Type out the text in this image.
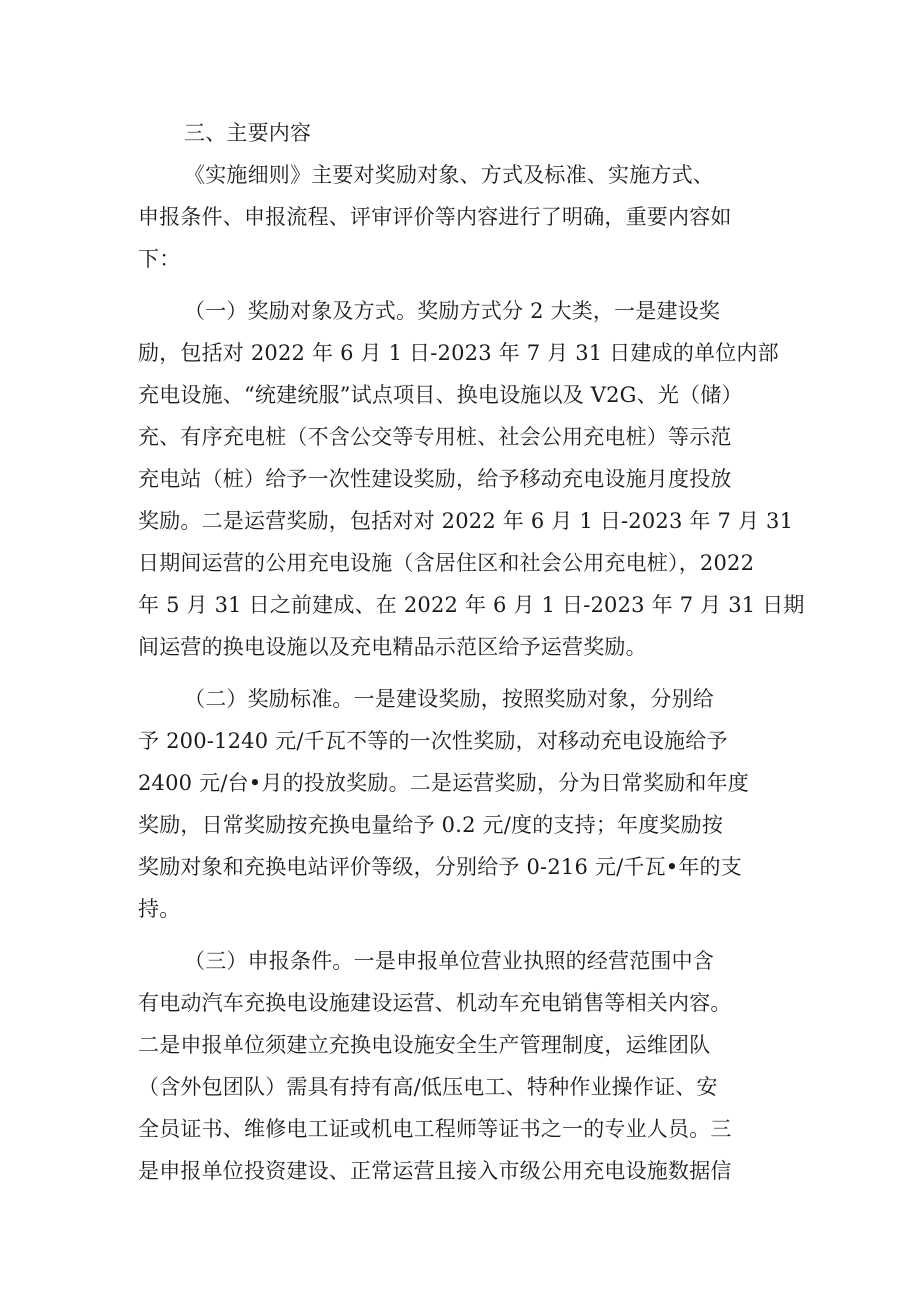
三、主要内容
《实施细则》主要对奖励对象、方式及标准、实施方式、
申报条件、申报流程、评审评价等内容进行了明确，重要内容如
下：
（一）奖励对象及方式。奖励方式分 2 大类，一是建设奖
励，包括对 2022 年 6 月 1 日-2023 年 7 月 31 日建成的单位内部
充电设施、“统建统服”试点项目、换电设施以及 V2G、光（储）
充、有序充电桩（不含公交等专用桩、社会公用充电桩）等示范
充电站（桩）给予一次性建设奖励，给予移动充电设施月度投放
奖励。二是运营奖励，包括对对 2022 年 6 月 1 日-2023 年 7 月 31
日期间运营的公用充电设施（含居住区和社会公用充电桩），2022
年 5 月 31 日之前建成、在 2022 年 6 月 1 日-2023 年 7 月 31 日期
间运营的换电设施以及充电精品示范区给予运营奖励。
（二）奖励标准。一是建设奖励，按照奖励对象，分别给
予 200-1240 元/千瓦不等的一次性奖励，对移动充电设施给予
2400 元/台•月的投放奖励。二是运营奖励，分为日常奖励和年度
奖励，日常奖励按充换电量给予 0.2 元/度的支持；年度奖励按
奖励对象和充换电站评价等级，分别给予 0-216 元/千瓦•年的支
持。
（三）申报条件。一是申报单位营业执照的经营范围中含
有电动汽车充换电设施建设运营、机动车充电销售等相关内容。
二是申报单位须建立充换电设施安全生产管理制度，运维团队
（含外包团队）需具有持有高/低压电工、特种作业操作证、安
全员证书、维修电工证或机电工程师等证书之一的专业人员。三
是申报单位投资建设、正常运营且接入市级公用充电设施数据信
